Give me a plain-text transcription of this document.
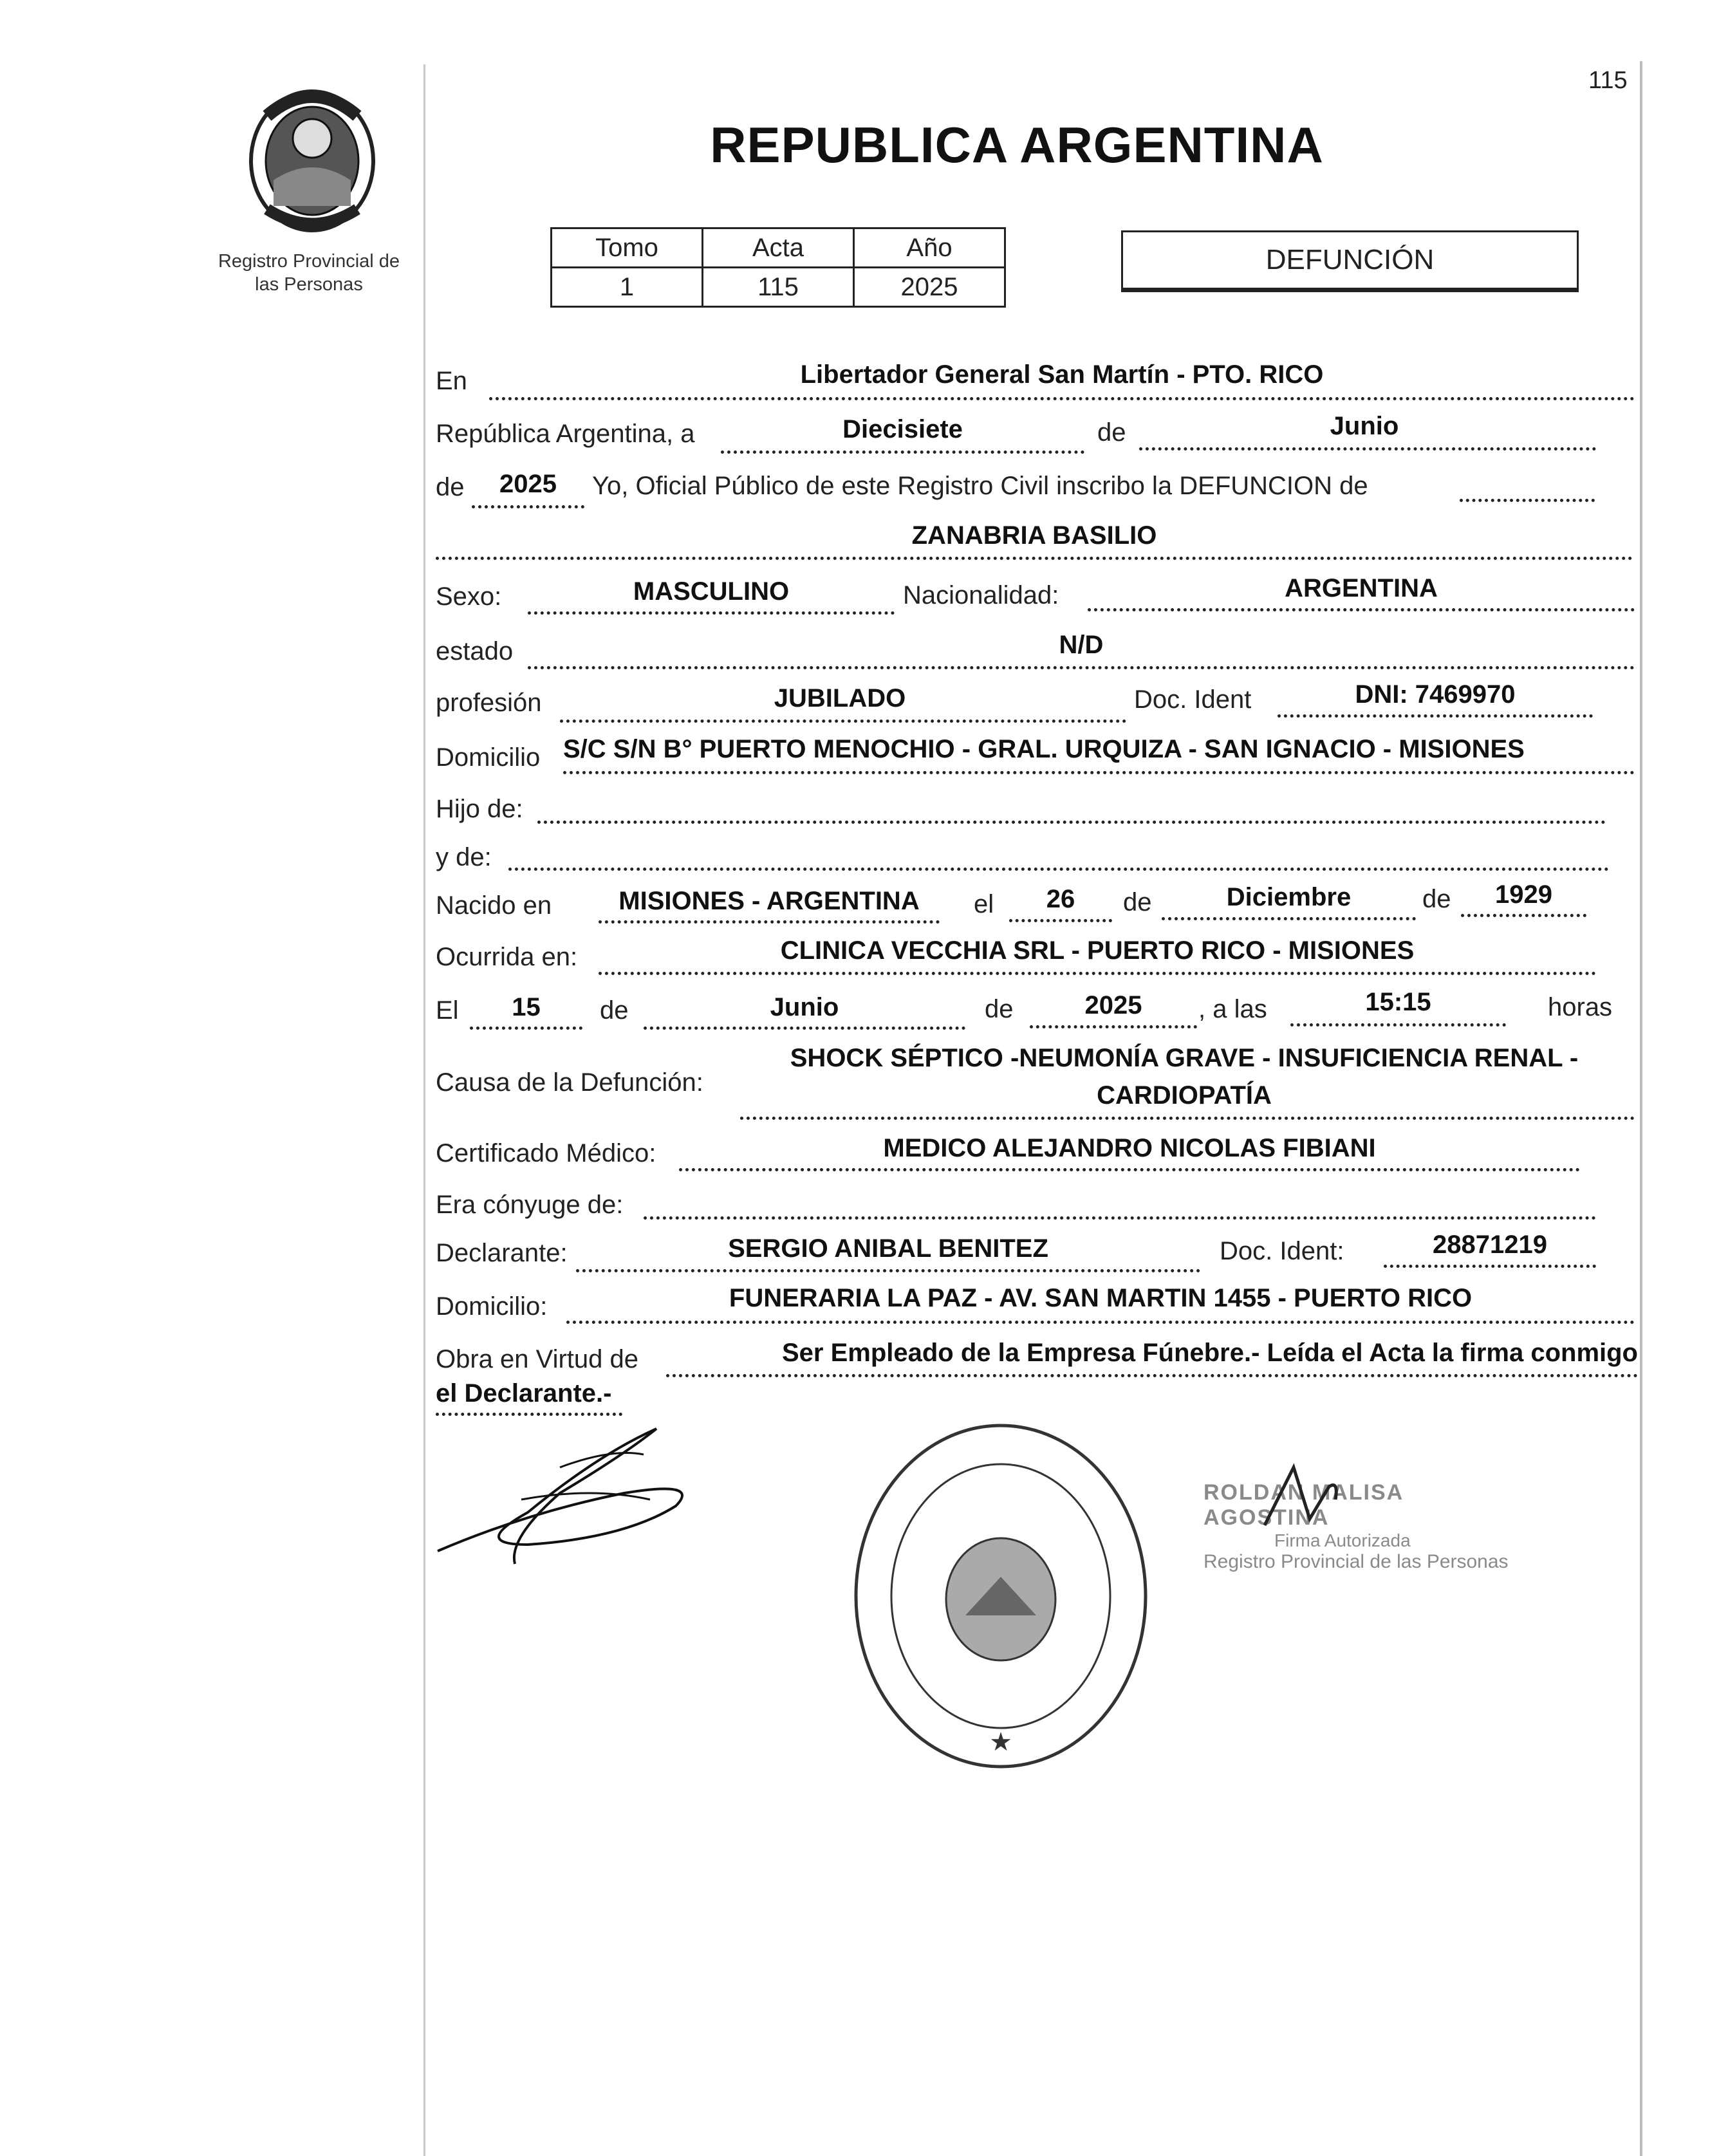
115
Registro Provincial de
las Personas
REPUBLICA ARGENTINA
Tomo	Acta	Año
1	115	2025
DEFUNCIÓN
En	Libertador General San Martín - PTO. RICO
República Argentina, a	Diecisiete	de	Junio
de	2025	Yo, Oficial Público de este Registro Civil inscribo la DEFUNCION de
ZANABRIA BASILIO
Sexo:	MASCULINO	Nacionalidad:	ARGENTINA
estado	N/D
profesión	JUBILADO	Doc. Ident	DNI: 7469970
Domicilio S/C S/N B° PUERTO MENOCHIO - GRAL. URQUIZA - SAN IGNACIO - MISIONES
Hijo de:
y de:
Nacido en	MISIONES - ARGENTINA	el	26	de	Diciembre	de	1929
Ocurrida en:	CLINICA VECCHIA SRL - PUERTO RICO - MISIONES
El	15	de	Junio	de	2025	, a las	15:15	horas
Causa de la Defunción:
SHOCK SÉPTICO -NEUMONÍA GRAVE - INSUFICIENCIA RENAL -
CARDIOPATÍA
Certificado Médico:	MEDICO ALEJANDRO NICOLAS FIBIANI
Era cónyuge de:
Declarante:	SERGIO ANIBAL BENITEZ	Doc. Ident:	28871219
Domicilio:	FUNERARIA LA PAZ - AV. SAN MARTIN 1455 - PUERTO RICO
Obra en Virtud de	Ser Empleado de la Empresa Fúnebre.- Leída el Acta la firma conmigo
el Declarante.-
★
ROLDAN MALISA AGOSTINA
Firma Autorizada
Registro Provincial de las Personas
